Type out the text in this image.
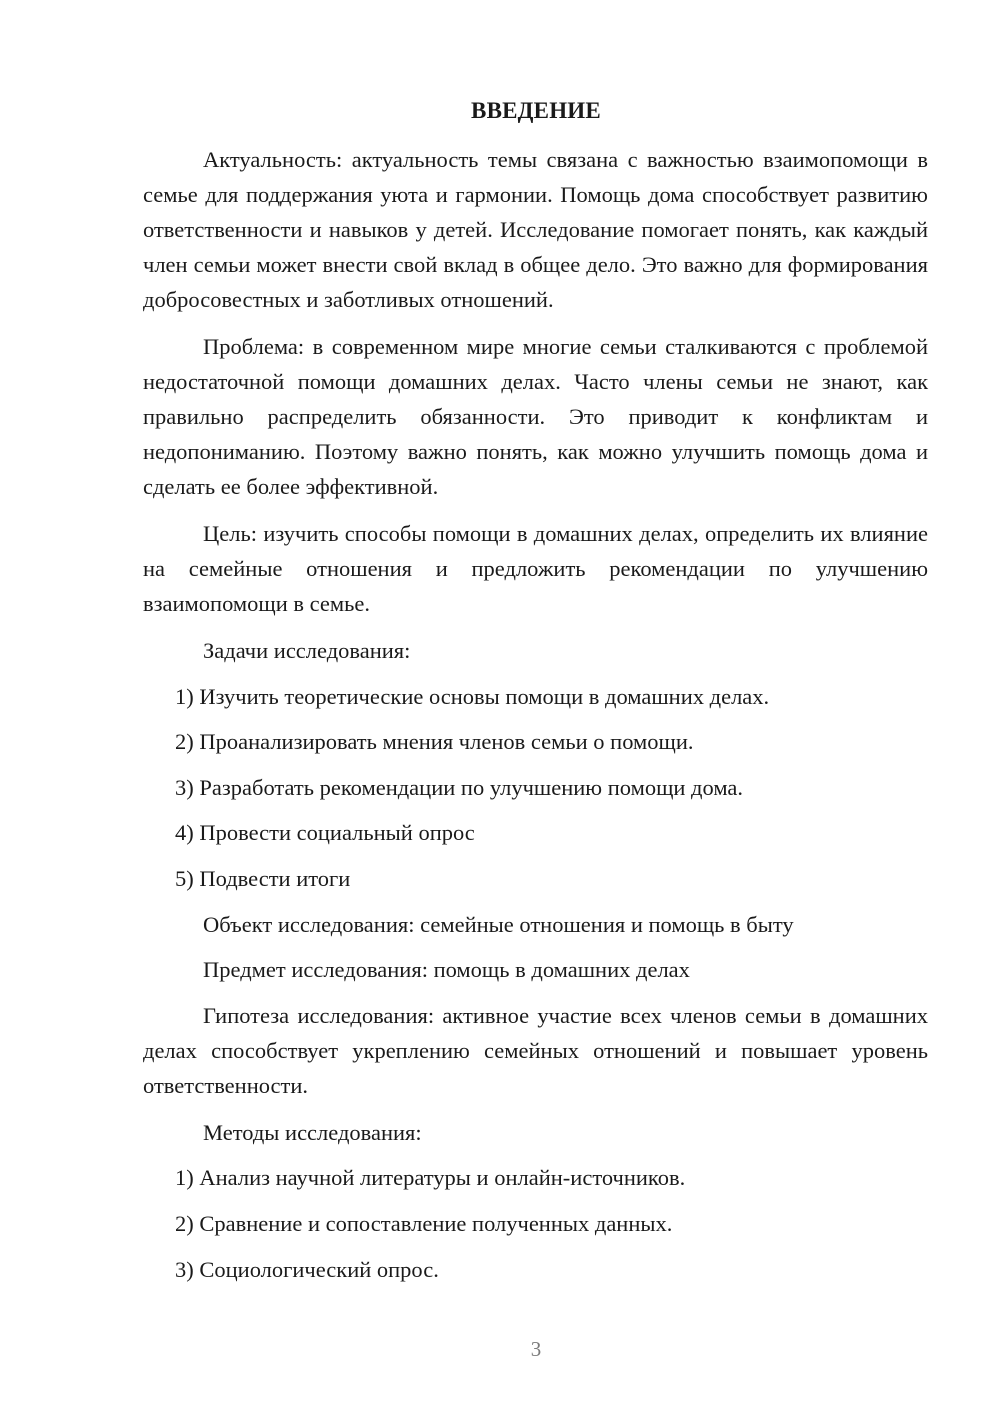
ВВЕДЕНИЕ

Актуальность: актуальность темы связана с важностью взаимопомощи в семье для поддержания уюта и гармонии. Помощь дома способствует развитию ответственности и навыков у детей. Исследование помогает понять, как каждый член семьи может внести свой вклад в общее дело. Это важно для формирования добросовестных и заботливых отношений.

Проблема: в современном мире многие семьи сталкиваются с проблемой недостаточной помощи домашних делах. Часто члены семьи не знают, как правильно распределить обязанности. Это приводит к конфликтам и недопониманию. Поэтому важно понять, как можно улучшить помощь дома и сделать ее более эффективной.

Цель: изучить способы помощи в домашних делах, определить их влияние на семейные отношения и предложить рекомендации по улучшению взаимопомощи в семье.

Задачи исследования:
1) Изучить теоретические основы помощи в домашних делах.
2) Проанализировать мнения членов семьи о помощи.
3) Разработать рекомендации по улучшению помощи дома.
4) Провести социальный опрос
5) Подвести итоги
Объект исследования: семейные отношения и помощь в быту
Предмет исследования: помощь в домашних делах

Гипотеза исследования: активное участие всех членов семьи в домашних делах способствует укреплению семейных отношений и повышает уровень ответственности.

Методы исследования:
1) Анализ научной литературы и онлайн-источников.
2) Сравнение и сопоставление полученных данных.
3) Социологический опрос.
3
